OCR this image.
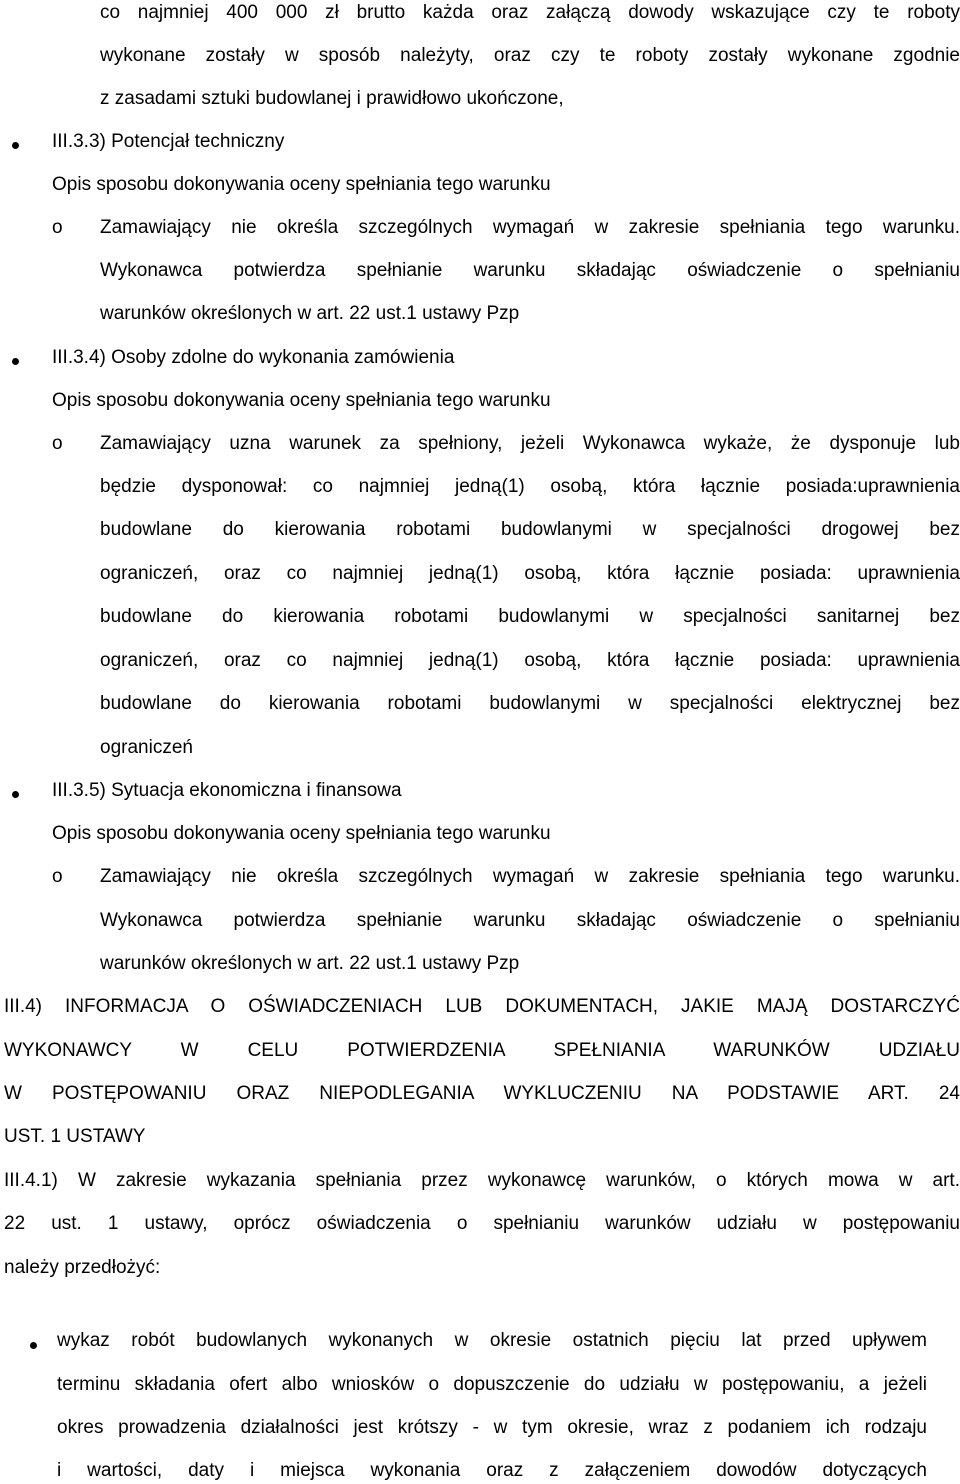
co najmniej 400 000 zł brutto każda oraz załączą dowody wskazujące czy te roboty
wykonane zostały w sposób należyty, oraz czy te roboty zostały wykonane zgodnie
z zasadami sztuki budowlanej i prawidłowo ukończone,
III.3.3) Potencjał techniczny
Opis sposobu dokonywania oceny spełniania tego warunku
o Zamawiający nie określa szczególnych wymagań w zakresie spełniania tego warunku.
Wykonawca potwierdza spełnianie warunku składając oświadczenie o spełnianiu
warunków określonych w art. 22 ust.1 ustawy Pzp
III.3.4) Osoby zdolne do wykonania zamówienia
Opis sposobu dokonywania oceny spełniania tego warunku
o Zamawiający uzna warunek za spełniony, jeżeli Wykonawca wykaże, że dysponuje lub
będzie dysponował: co najmniej jedną(1) osobą, która łącznie posiada:uprawnienia
budowlane do kierowania robotami budowlanymi w specjalności drogowej bez
ograniczeń, oraz co najmniej jedną(1) osobą, która łącznie posiada: uprawnienia
budowlane do kierowania robotami budowlanymi w specjalności sanitarnej bez
ograniczeń, oraz co najmniej jedną(1) osobą, która łącznie posiada: uprawnienia
budowlane do kierowania robotami budowlanymi w specjalności elektrycznej bez
ograniczeń
III.3.5) Sytuacja ekonomiczna i finansowa
Opis sposobu dokonywania oceny spełniania tego warunku
o Zamawiający nie określa szczególnych wymagań w zakresie spełniania tego warunku.
Wykonawca potwierdza spełnianie warunku składając oświadczenie o spełnianiu
warunków określonych w art. 22 ust.1 ustawy Pzp
III.4) INFORMACJA O OŚWIADCZENIACH LUB DOKUMENTACH, JAKIE MAJĄ DOSTARCZYĆ
WYKONAWCY W CELU POTWIERDZENIA SPEŁNIANIA WARUNKÓW UDZIAŁU
W POSTĘPOWANIU ORAZ NIEPODLEGANIA WYKLUCZENIU NA PODSTAWIE ART. 24
UST. 1 USTAWY
III.4.1) W zakresie wykazania spełniania przez wykonawcę warunków, o których mowa w art.
22 ust. 1 ustawy, oprócz oświadczenia o spełnianiu warunków udziału w postępowaniu
należy przedłożyć:
wykaz robót budowlanych wykonanych w okresie ostatnich pięciu lat przed upływem
terminu składania ofert albo wniosków o dopuszczenie do udziału w postępowaniu, a jeżeli
okres prowadzenia działalności jest krótszy - w tym okresie, wraz z podaniem ich rodzaju
i wartości, daty i miejsca wykonania oraz z załączeniem dowodów dotyczących
